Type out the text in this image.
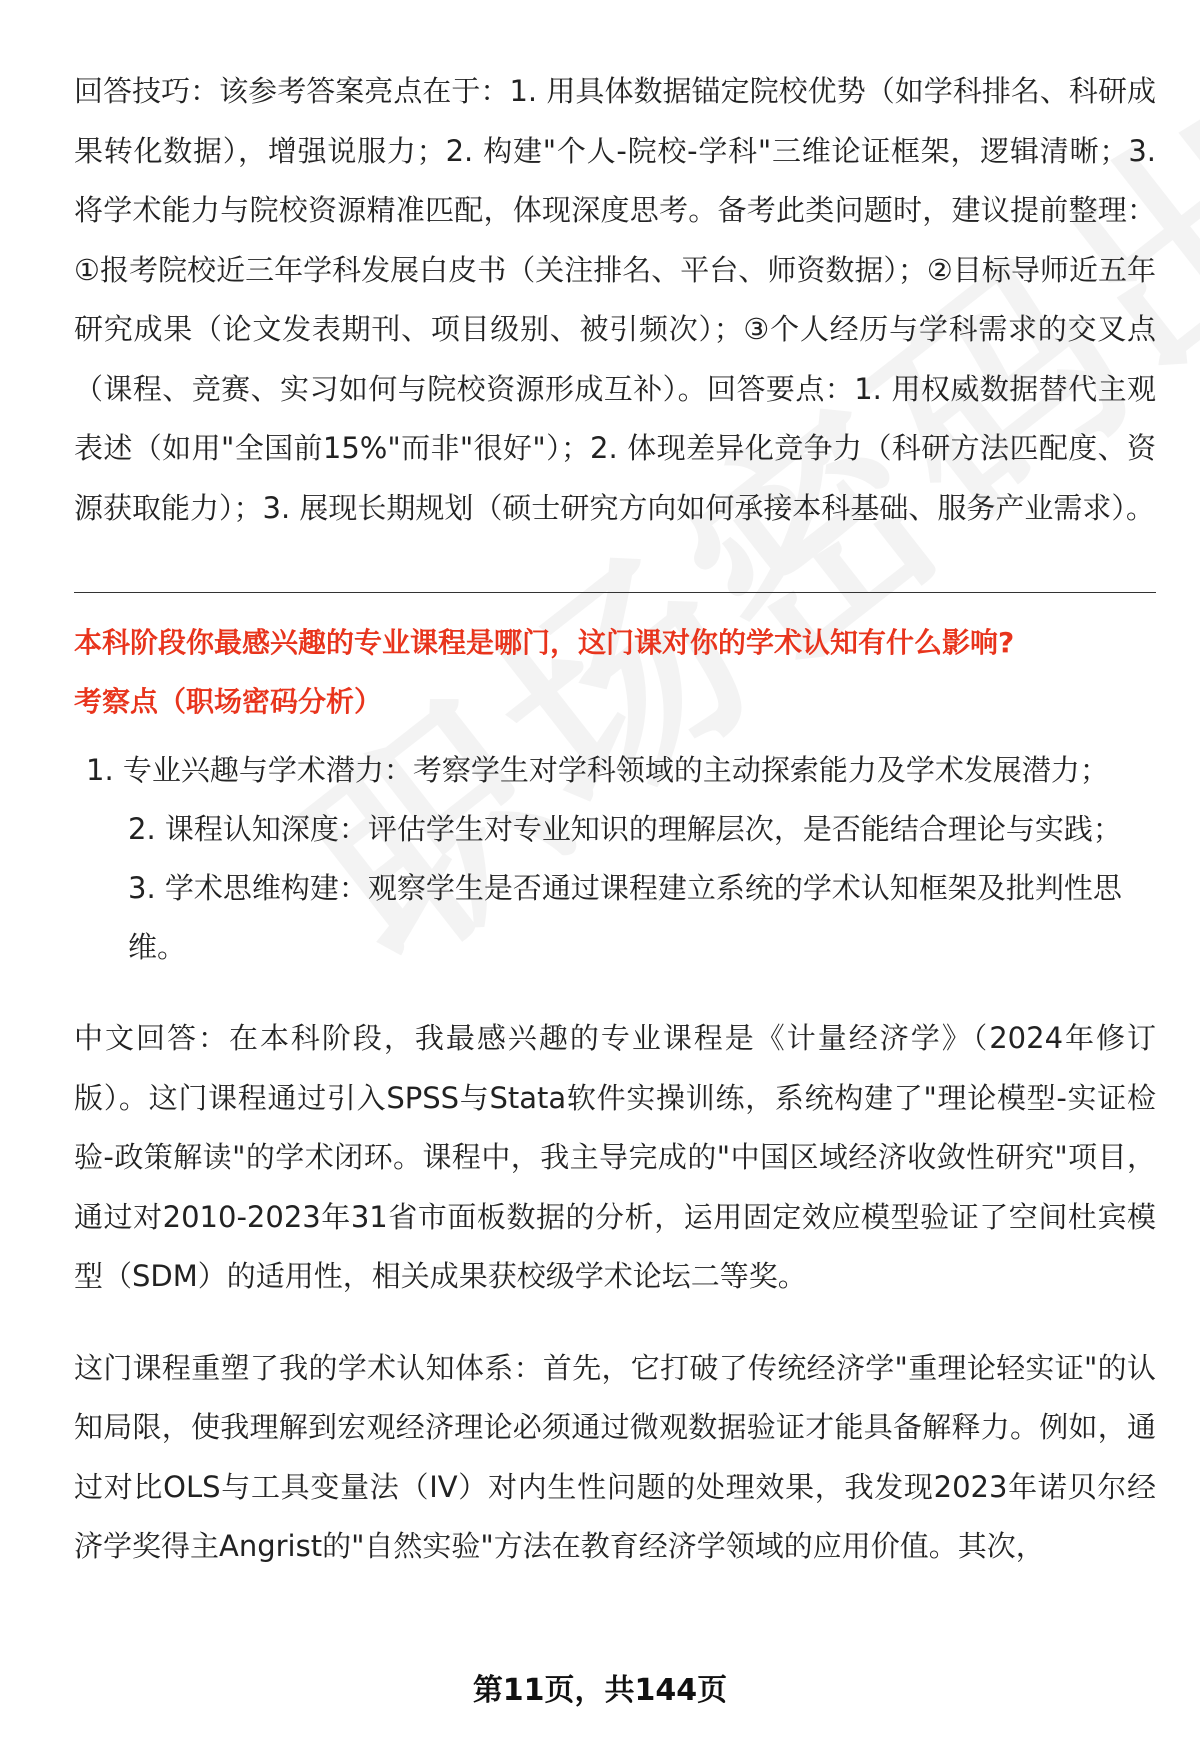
回答技巧：该参考答案亮点在于：1. 用具体数据锚定院校优势（如学科排名、科研成果转化数据），增强说服力；2. 构建"个人-院校-学科"三维论证框架，逻辑清晰；3. 将学术能力与院校资源精准匹配，体现深度思考。备考此类问题时，建议提前整理：①报考院校近三年学科发展白皮书（关注排名、平台、师资数据）；②目标导师近五年研究成果（论文发表期刊、项目级别、被引频次）；③个人经历与学科需求的交叉点（课程、竞赛、实习如何与院校资源形成互补）。回答要点：1. 用权威数据替代主观表述（如用"全国前15%"而非"很好"）；2. 体现差异化竞争力（科研方法匹配度、资源获取能力）；3. 展现长期规划（硕士研究方向如何承接本科基础、服务产业需求）。

本科阶段你最感兴趣的专业课程是哪门，这门课对你的学术认知有什么影响?

考察点（职场密码分析）

1. 专业兴趣与学术潜力：考察学生对学科领域的主动探索能力及学术发展潜力；
2. 课程认知深度：评估学生对专业知识的理解层次，是否能结合理论与实践；
3. 学术思维构建：观察学生是否通过课程建立系统的学术认知框架及批判性思维。

中文回答：在本科阶段，我最感兴趣的专业课程是《计量经济学》（2024年修订版）。这门课程通过引入SPSS与Stata软件实操训练，系统构建了"理论模型-实证检验-政策解读"的学术闭环。课程中，我主导完成的"中国区域经济收敛性研究"项目，通过对2010-2023年31省市面板数据的分析，运用固定效应模型验证了空间杜宾模型（SDM）的适用性，相关成果获校级学术论坛二等奖。

这门课程重塑了我的学术认知体系：首先，它打破了传统经济学"重理论轻实证"的认知局限，使我理解到宏观经济理论必须通过微观数据验证才能具备解释力。例如，通过对比OLS与工具变量法（IV）对内生性问题的处理效果，我发现2023年诺贝尔经济学奖得主Angrist的"自然实验"方法在教育经济学领域的应用价值。其次，

第11页，共144页
